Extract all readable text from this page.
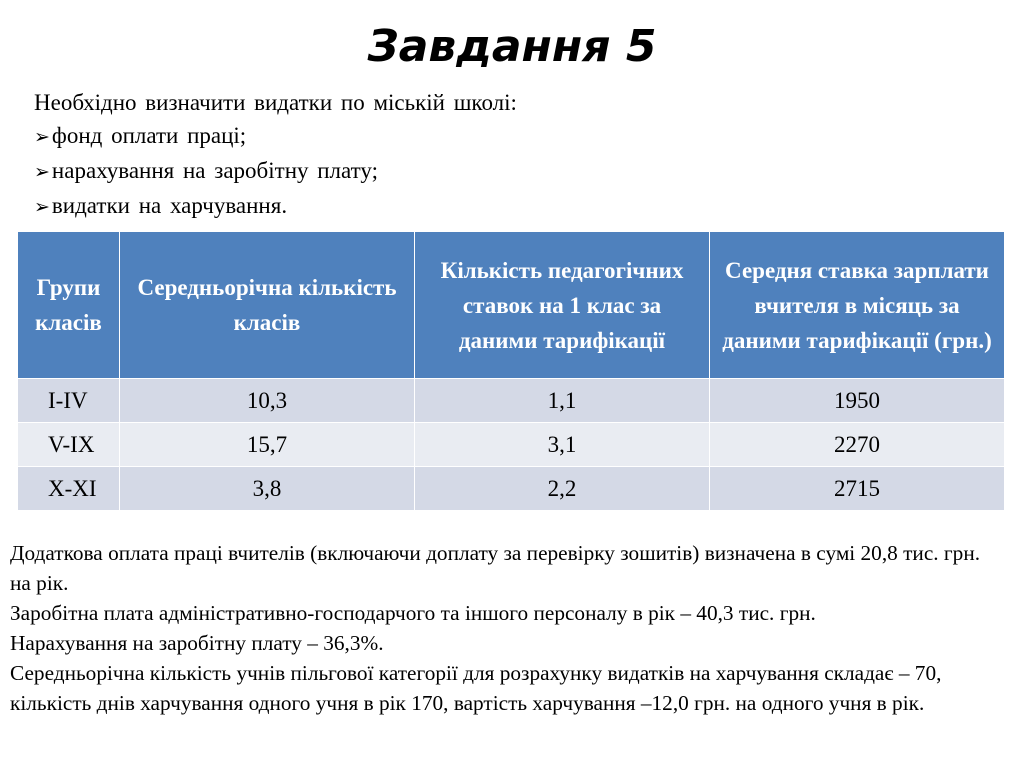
Завдання 5
Необхідно визначити видатки по міській школі:
➢фонд оплати праці;
➢нарахування на заробітну плату;
➢видатки на харчування.
Групи класів	Середньорічна кількість класів	Кількість педагогічних ставок на 1 клас за даними тарифікації	Середня ставка зарплати вчителя в місяць за даними тарифікації (грн.)
I-IV	10,3	1,1	1950
V-IX	15,7	3,1	2270
X-XI	3,8	2,2	2715

Додаткова оплата праці вчителів (включаючи доплату за перевірку зошитів) визначена в сумі 20,8 тис. грн. на рік.

Заробітна плата адміністративно-господарчого та іншого персоналу в рік – 40,3 тис. грн.

Нарахування на заробітну плату – 36,3%.

Середньорічна кількість учнів пільгової категорії для розрахунку видатків на харчування складає – 70, кількість днів харчування одного учня в рік 170, вартість харчування –12,0 грн. на одного учня в рік.
